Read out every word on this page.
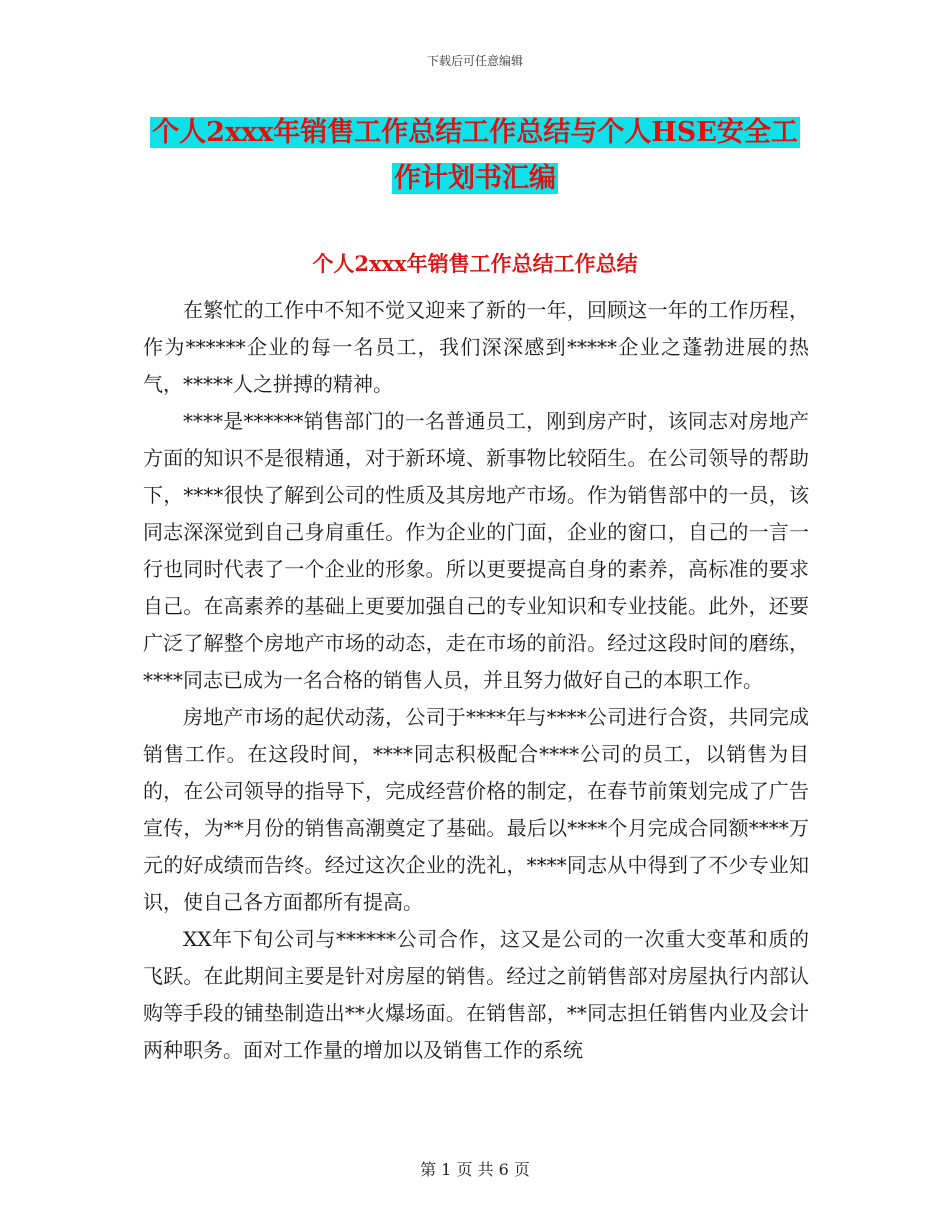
下载后可任意编辑
个人2xxx年销售工作总结工作总结与个人HSE安全工
作计划书汇编
个人2xxx年销售工作总结工作总结

在繁忙的工作中不知不觉又迎来了新的一年，回顾这一年的工作历程，作为******企业的每一名员工，我们深深感到*****企业之蓬勃进展的热气，*****人之拼搏的精神。

****是******销售部门的一名普通员工，刚到房产时，该同志对房地产方面的知识不是很精通，对于新环境、新事物比较陌生。在公司领导的帮助下，****很快了解到公司的性质及其房地产市场。作为销售部中的一员，该同志深深觉到自己身肩重任。作为企业的门面，企业的窗口，自己的一言一行也同时代表了一个企业的形象。所以更要提高自身的素养，高标准的要求自己。在高素养的基础上更要加强自己的专业知识和专业技能。此外，还要广泛了解整个房地产市场的动态，走在市场的前沿。经过这段时间的磨练，****同志已成为一名合格的销售人员，并且努力做好自己的本职工作。

房地产市场的起伏动荡，公司于****年与****公司进行合资，共同完成销售工作。在这段时间，****同志积极配合****公司的员工，以销售为目的，在公司领导的指导下，完成经营价格的制定，在春节前策划完成了广告宣传，为**月份的销售高潮奠定了基础。最后以****个月完成合同额****万元的好成绩而告终。经过这次企业的洗礼，****同志从中得到了不少专业知识，使自己各方面都所有提高。

XX年下旬公司与******公司合作，这又是公司的一次重大变革和质的飞跃。在此期间主要是针对房屋的销售。经过之前销售部对房屋执行内部认购等手段的铺垫制造出**火爆场面。在销售部，**同志担任销售内业及会计两种职务。面对工作量的增加以及销售工作的系统

第 1 页 共 6 页
